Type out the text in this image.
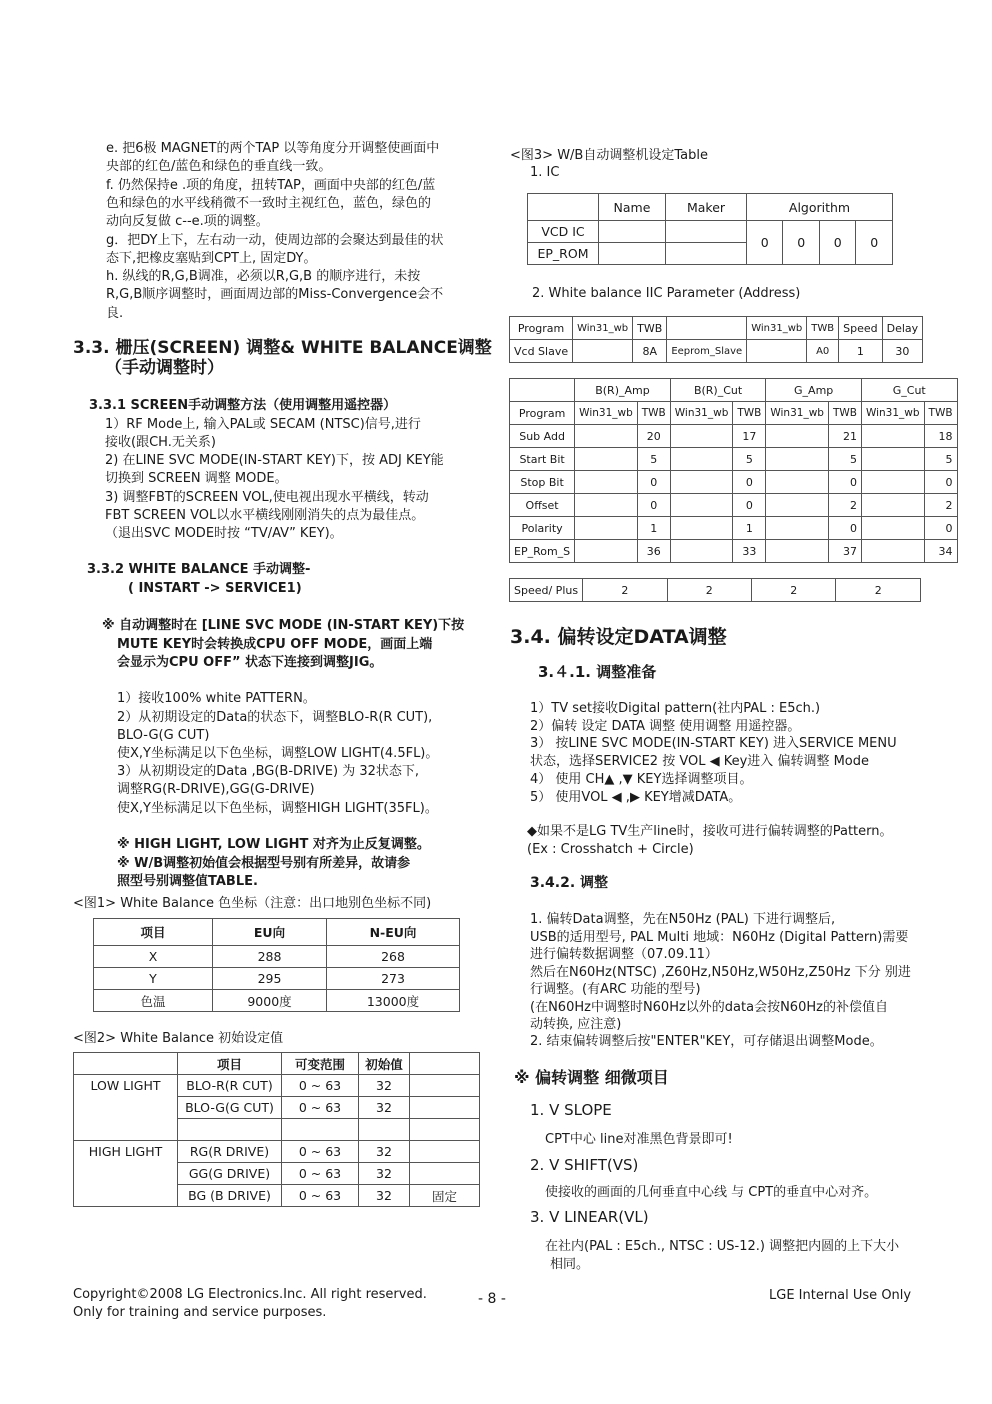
e. 把6极 MAGNET的两个TAP 以等角度分开调整使画面中
央部的红色/蓝色和绿色的垂直线一致。
f. 仍然保持e .项的角度，扭转TAP，画面中央部的红色/蓝
色和绿色的水平线稍微不一致时主视红色，蓝色，绿色的
动向反复做 c--e.项的调整。
g．把DY上下，左右动一动，使周边部的会聚达到最佳的状
态下,把橡皮塞贴到CPT上, 固定DY。
h. 纵线的R,G,B调准，必须以R,G,B 的顺序进行，未按
R,G,B顺序调整时，画面周边部的Miss-Convergence会不
良.
3.3. 栅压(SCREEN) 调整& WHITE BALANCE调整
（手动调整时）
3.3.1 SCREEN手动调整方法（使用调整用遥控器）
1）RF Mode上, 输入PAL或 SECAM (NTSC)信号,进行
接收(跟CH.无关系)
2) 在LINE SVC MODE(IN-START KEY)下，按 ADJ KEY能
切换到 SCREEN 调整 MODE。
3) 调整FBT的SCREEN VOL,使电视出现水平横线，转动
FBT SCREEN VOL以水平横线刚刚消失的点为最佳点。
（退出SVC MODE时按 “TV/AV” KEY)。
3.3.2 WHITE BALANCE 手动调整-
( INSTART -> SERVICE1)
※ 自动调整时在 [LINE SVC MODE (IN-START KEY)下按
MUTE KEY时会转换成CPU OFF MODE，画面上端
会显示为CPU OFF” 状态下连接到调整JIG。
1）接收100% white PATTERN。
2）从初期设定的Data的状态下，调整BLO-R(R CUT),
BLO-G(G CUT)
使X,Y坐标满足以下色坐标，调整LOW LIGHT(4.5FL)。
3）从初期设定的Data ,BG(B-DRIVE) 为 32状态下,
调整RG(R-DRIVE),GG(G-DRIVE)
使X,Y坐标满足以下色坐标，调整HIGH LIGHT(35FL)。
※ HIGH LIGHT, LOW LIGHT 对齐为止反复调整。
※ W/B调整初始值会根据型号别有所差异，故请参
照型号别调整值TABLE.
<图1> White Balance 色坐标（注意：出口地别色坐标不同)
项目	EU向	N-EU向
X	288	268
Y	295	273
色温	9000度	13000度
<图2> White Balance 初始设定值
	项目	可变范围	初始值	
LOW LIGHT	BLO-R(R CUT)	0 ~ 63	32	
	BLO-G(G CUT)	0 ~ 63	32	

HIGH LIGHT	RG(R DRIVE)	0 ~ 63	32	
	GG(G DRIVE)	0 ~ 63	32	
	BG (B DRIVE)	0 ~ 63	32	固定
<图3> W/B自动调整机设定Table
1. IC
	Name	Maker	Algorithm			
VCD IC			0	0	0	0
EP_ROM						
2. White balance IIC Parameter (Address)
Program	Win31_wb	TWB		Win31_wb	TWB	Speed	Delay
Vcd Slave		8A	Eeprom_Slave		A0	1	30
	B(R)_Amp		B(R)_Cut		G_Amp		G_Cut	
Program	Win31_wb	TWB	Win31_wb	TWB	Win31_wb	TWB	Win31_wb	TWB
Sub Add		20		17		21		18
Start Bit		5		5		5		5
Stop Bit		0		0		0		0
Offset		0		0		2		2
Polarity		1		1		0		0
EP_Rom_S		36		33		37		34
Speed/ Plus	2	2	2	2
3.4. 偏转设定DATA调整
3.４.1. 调整准备
1）TV set接收Digital pattern(社内PAL : E5ch.)
2）偏转 设定 DATA 调整 使用调整 用遥控器。
3） 按LINE SVC MODE(IN-START KEY) 进入SERVICE MENU
状态，选择SERVICE2 按 VOL ◀ Key进入 偏转调整 Mode
4） 使用 CH▲ ,▼ KEY选择调整项目。
5） 使用VOL ◀ ,▶ KEY增减DATA。
◆如果不是LG TV生产line时，接收可进行偏转调整的Pattern。
(Ex : Crosshatch + Circle)
3.4.2. 调整
1. 偏转Data调整，先在N50Hz (PAL) 下进行调整后,
USB的适用型号, PAL Multi 地域：N60Hz (Digital Pattern)需要
进行偏转数据调整（07.09.11）
然后在N60Hz(NTSC) ,Z60Hz,N50Hz,W50Hz,Z50Hz 下分 别进
行调整。(有ARC 功能的型号)
(在N60Hz中调整时N60Hz以外的data会按N60Hz的补偿值自
动转换, 应注意)
2. 结束偏转调整后按"ENTER"KEY，可存储退出调整Mode。
※ 偏转调整 细微项目
1. V SLOPE
CPT中心 line对准黑色背景即可!
2. V SHIFT(VS)
使接收的画面的几何垂直中心线 与 CPT的垂直中心对齐。
3. V LINEAR(VL)
在社内(PAL : E5ch., NTSC : US-12.) 调整把内圆的上下大小
相同。
Copyright©2008 LG Electronics.Inc. All right reserved.
Only for training and service purposes.
- 8 -	LGE Internal Use Only
